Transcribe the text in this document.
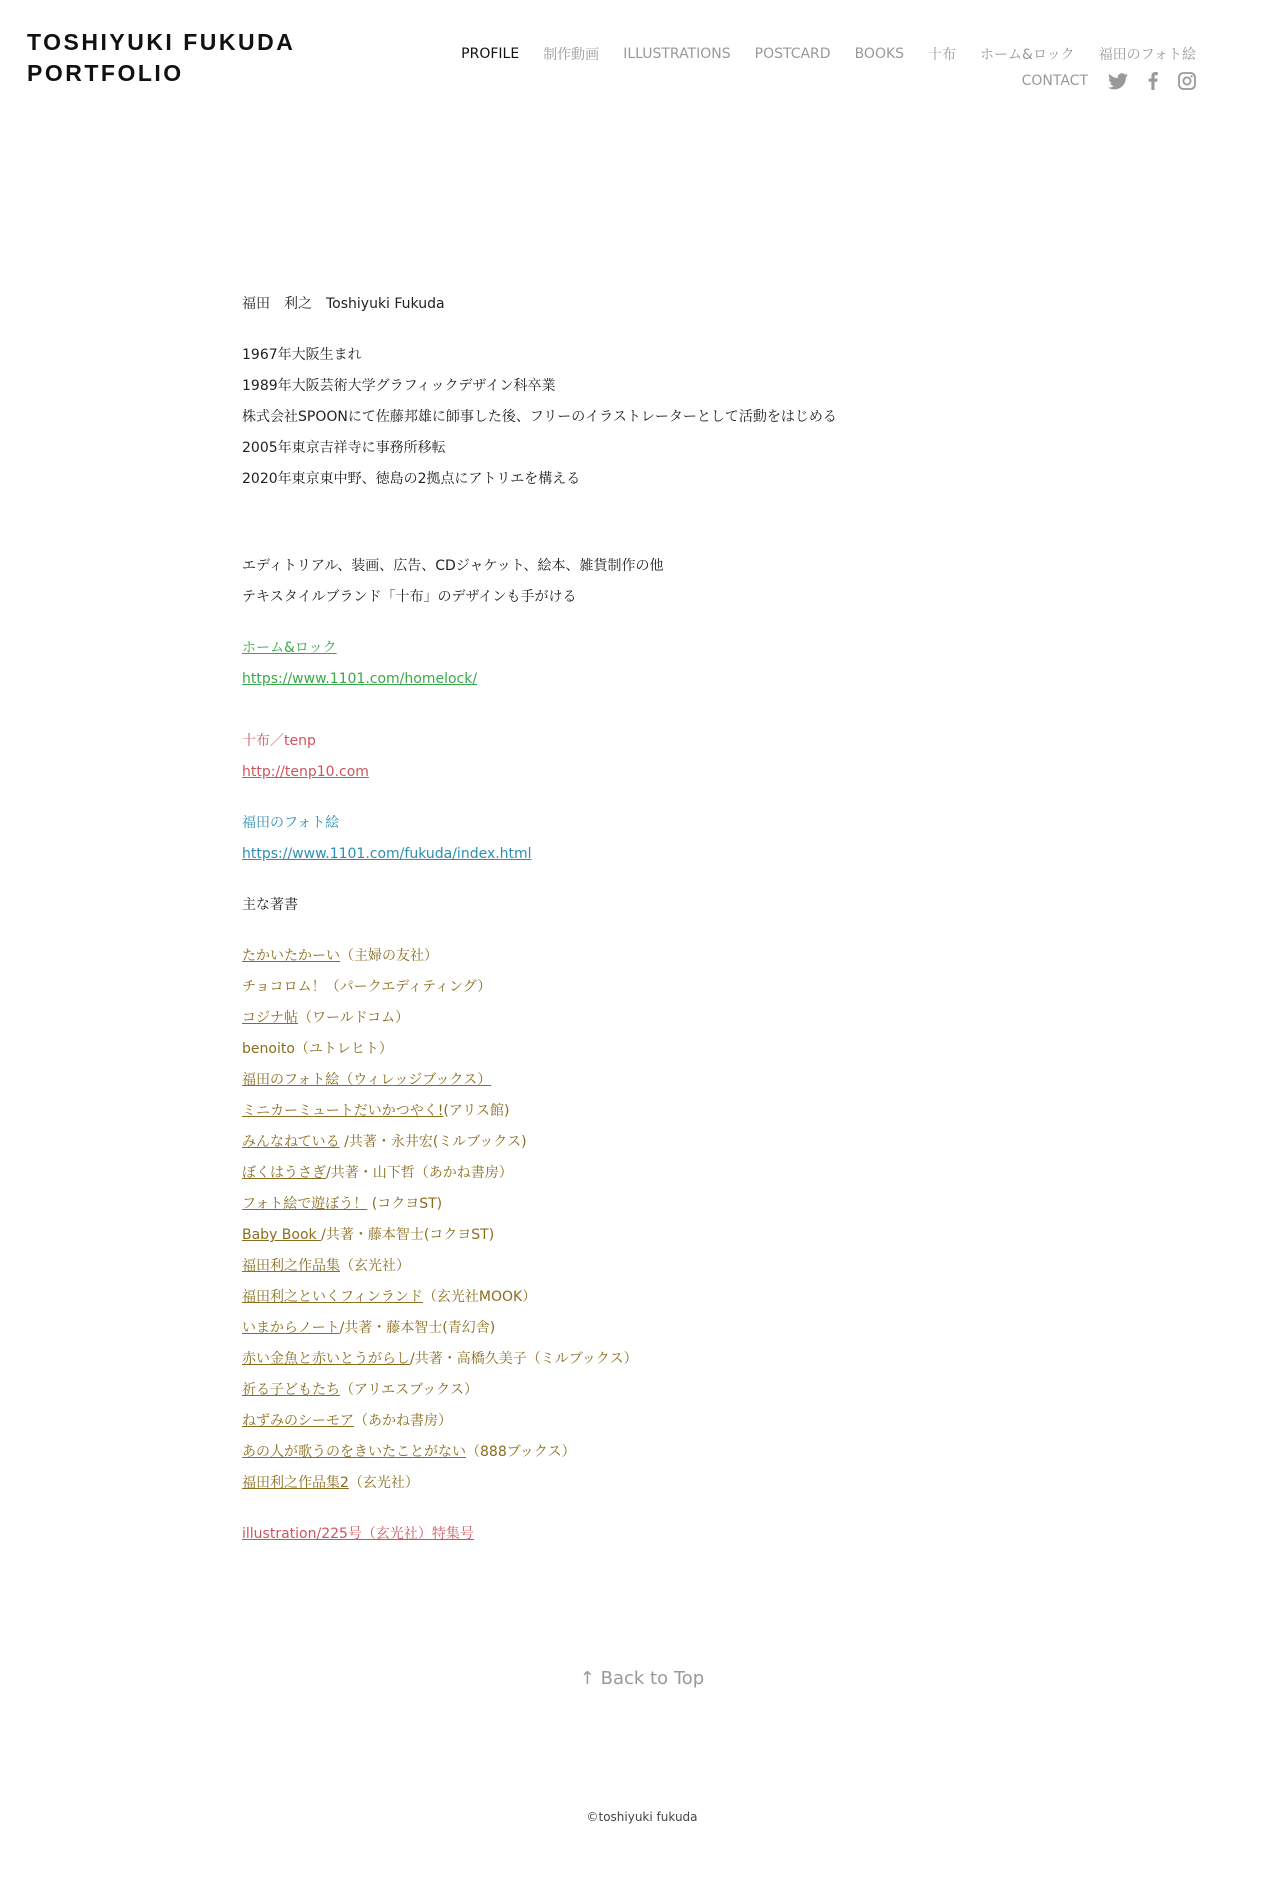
TOSHIYUKI FUKUDA
PORTFOLIO
PROFILE 制作動画 ILLUSTRATIONS POSTCARD BOOKS 十布 ホーム&ロック 福田のフォト絵
CONTACT
福田　利之　Toshiyuki Fukuda
1967年大阪生まれ
1989年大阪芸術大学グラフィックデザイン科卒業
株式会社SPOONにて佐藤邦雄に師事した後、フリーのイラストレーターとして活動をはじめる
2005年東京吉祥寺に事務所移転
2020年東京東中野、徳島の2拠点にアトリエを構える
エディトリアル、装画、広告、CDジャケット、絵本、雑貨制作の他
テキスタイルブランド「十布」のデザインも手がける
ホーム&ロック
https://www.1101.com/homelock/
十布／tenp
http://tenp10.com
福田のフォト絵
https://www.1101.com/fukuda/index.html
主な著書
たかいたかーい（主婦の友社）
チョコロム！（パークエディティング）
コジナ帖（ワールドコム）
benoito（ユトレヒト）
福田のフォト絵（ウィレッジブックス）
ミニカーミュートだいかつやく!(アリス館)
みんなねている /共著・永井宏(ミルブックス)
ぼくはうさぎ/共著・山下哲（あかね書房）
フォト絵で遊ぼう！ (コクヨST)
Baby Book /共著・藤本智士(コクヨST)
福田利之作品集（玄光社）
福田利之といくフィンランド（玄光社MOOK）
いまからノート/共著・藤本智士(青幻舎)
赤い金魚と赤いとうがらし/共著・高橋久美子（ミルブックス）
祈る子どもたち（アリエスブックス）
ねずみのシーモア（あかね書房）
あの人が歌うのをきいたことがない（888ブックス）
福田利之作品集2（玄光社）
illustration/225号（玄光社）特集号
↑ Back to Top
©toshiyuki fukuda
